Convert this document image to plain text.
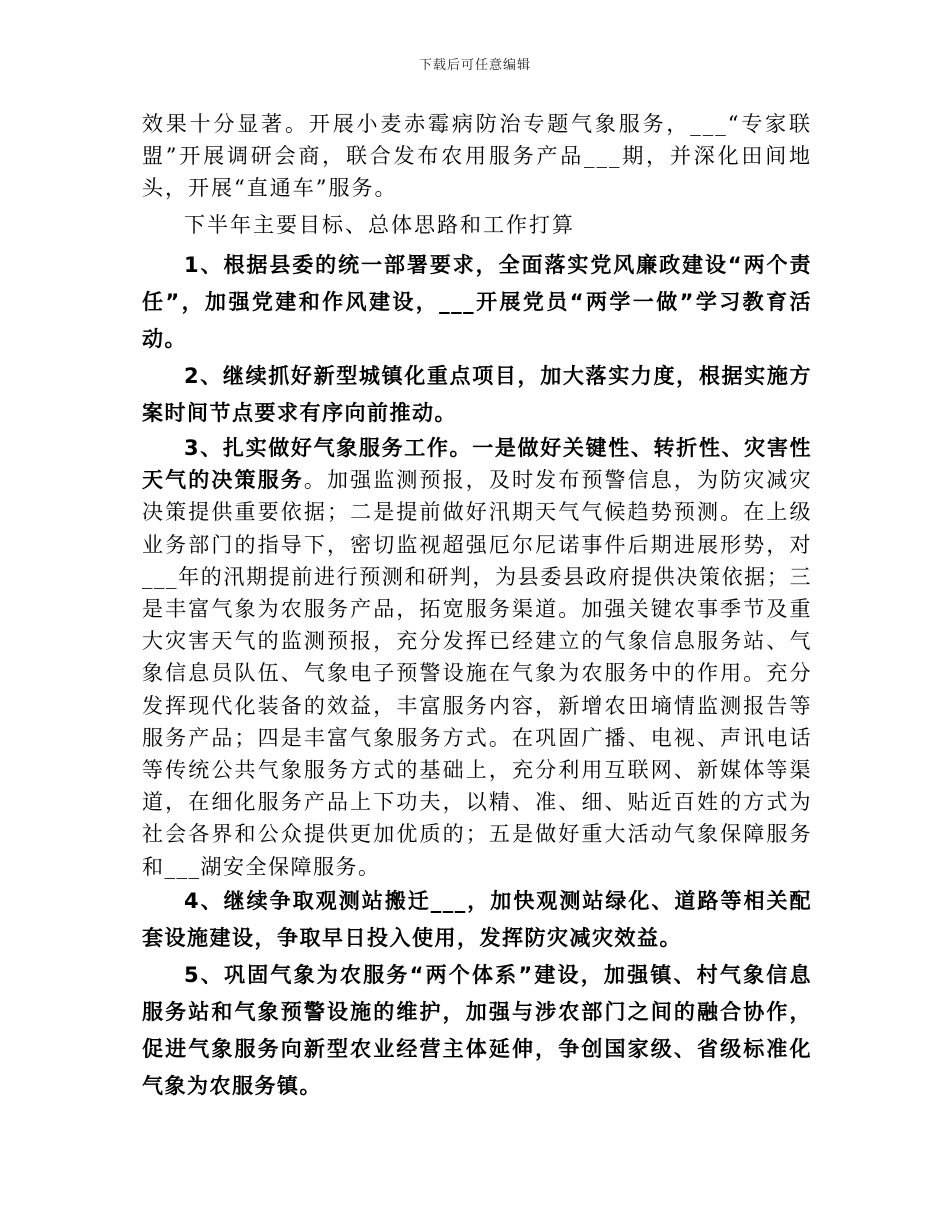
下载后可任意编辑

效果十分显著。开展小麦赤霉病防治专题气象服务，___“专家联盟”开展调研会商，联合发布农用服务产品___期，并深化田间地头，开展“直通车”服务。

下半年主要目标、总体思路和工作打算

1、根据县委的统一部署要求，全面落实党风廉政建设“两个责任”，加强党建和作风建设，___开展党员“两学一做”学习教育活动。

2、继续抓好新型城镇化重点项目，加大落实力度，根据实施方案时间节点要求有序向前推动。

3、扎实做好气象服务工作。一是做好关键性、转折性、灾害性天气的决策服务。加强监测预报，及时发布预警信息，为防灾减灾决策提供重要依据；二是提前做好汛期天气气候趋势预测。在上级业务部门的指导下，密切监视超强厄尔尼诺事件后期进展形势，对___年的汛期提前进行预测和研判，为县委县政府提供决策依据；三是丰富气象为农服务产品，拓宽服务渠道。加强关键农事季节及重大灾害天气的监测预报，充分发挥已经建立的气象信息服务站、气象信息员队伍、气象电子预警设施在气象为农服务中的作用。充分发挥现代化装备的效益，丰富服务内容，新增农田墒情监测报告等服务产品；四是丰富气象服务方式。在巩固广播、电视、声讯电话等传统公共气象服务方式的基础上，充分利用互联网、新媒体等渠道，在细化服务产品上下功夫，以精、准、细、贴近百姓的方式为社会各界和公众提供更加优质的；五是做好重大活动气象保障服务和___湖安全保障服务。

4、继续争取观测站搬迁___，加快观测站绿化、道路等相关配套设施建设，争取早日投入使用，发挥防灾减灾效益。

5、巩固气象为农服务“两个体系”建设，加强镇、村气象信息服务站和气象预警设施的维护，加强与涉农部门之间的融合协作，促进气象服务向新型农业经营主体延伸，争创国家级、省级标准化气象为农服务镇。
